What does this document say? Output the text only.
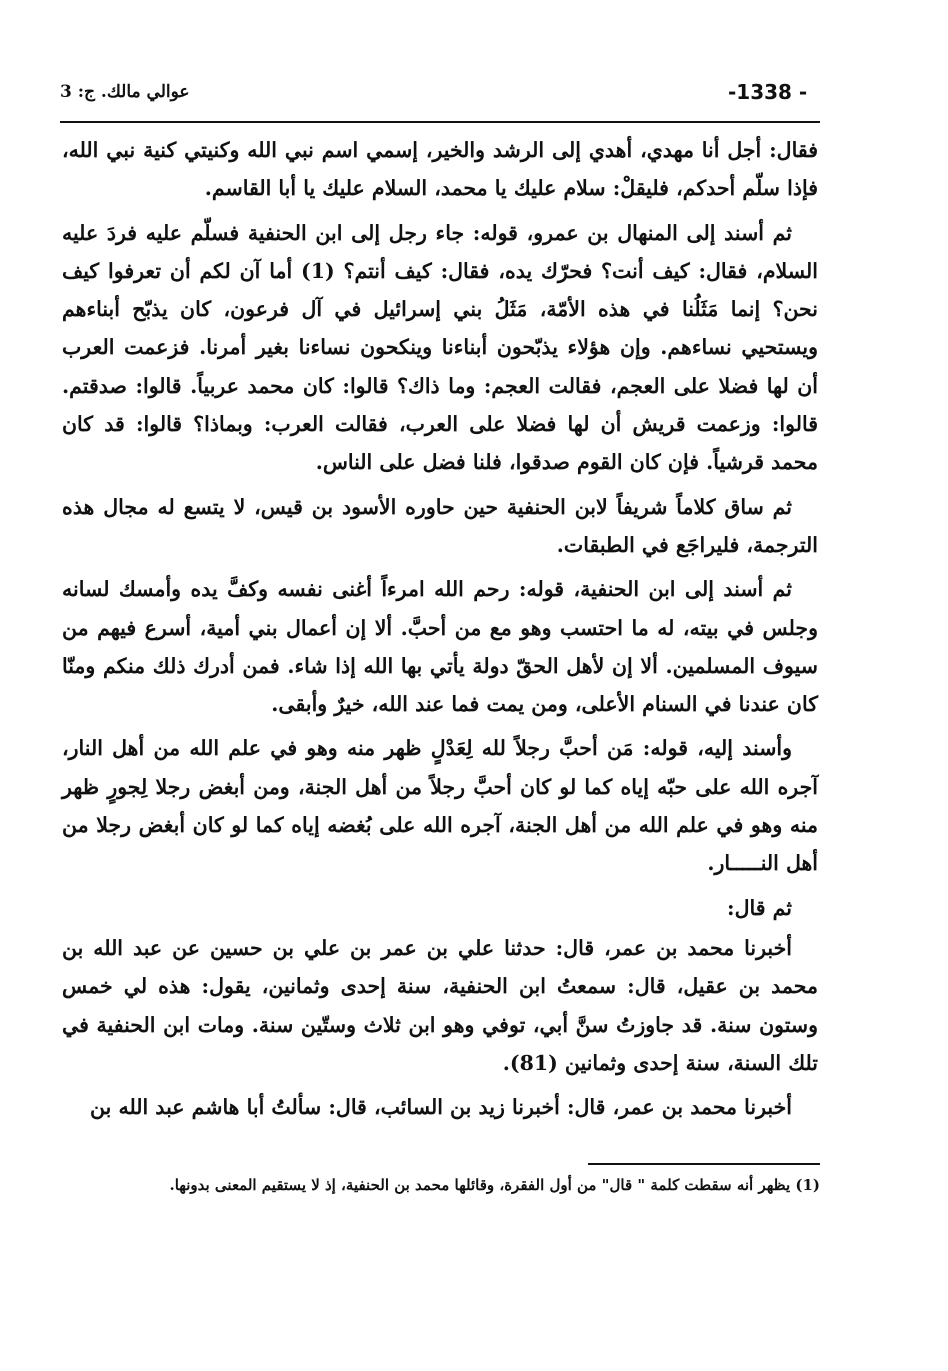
-1338 -
عوالي مالك. ج: 3

فقال: أجل أنا مهدي، أهدي إلى الرشد والخير، إسمي اسم نبي الله وكنيتي كنية نبي الله، فإذا سلّم أحدكم، فليقلْ: سلام عليك يا محمد، السلام عليك يا أبا القاسم.

ثم أسند إلى المنهال بن عمرو، قوله: جاء رجل إلى ابن الحنفية فسلّم عليه فردَ عليه السلام، فقال: كيف أنت؟ فحرّك يده، فقال: كيف أنتم؟ (1) أما آن لكم أن تعرفوا كيف نحن؟ إنما مَثَلُنا في هذه الأمّة، مَثَلُ بني إسرائيل في آل فرعون، كان يذبّح أبناءهم ويستحيي نساءهم. وإن هؤلاء يذبّحون أبناءنا وينكحون نساءنا بغير أمرنا. فزعمت العرب أن لها فضلا على العجم، فقالت العجم: وما ذاك؟ قالوا: كان محمد عربياً. قالوا: صدقتم. قالوا: وزعمت قريش أن لها فضلا على العرب، فقالت العرب: وبماذا؟ قالوا: قد كان محمد قرشياً. فإن كان القوم صدقوا، فلنا فضل على الناس.

ثم ساق كلاماً شريفاً لابن الحنفية حين حاوره الأسود بن قيس، لا يتسع له مجال هذه الترجمة، فليراجَع في الطبقات.

ثم أسند إلى ابن الحنفية، قوله: رحم الله امرءاً أغنى نفسه وكفَّ يده وأمسك لسانه وجلس في بيته، له ما احتسب وهو مع من أحبَّ. ألا إن أعمال بني أمية، أسرع فيهم من سيوف المسلمين. ألا إن لأهل الحقّ دولة يأتي بها الله إذا شاء. فمن أدرك ذلك منكم ومنّا كان عندنا في السنام الأعلى، ومن يمت فما عند الله، خيرٌ وأبقى.

وأسند إليه، قوله: مَن أحبَّ رجلاً لله لِعَدْلٍ ظهر منه وهو في علم الله من أهل النار، آجره الله على حبّه إياه كما لو كان أحبَّ رجلاً من أهل الجنة، ومن أبغض رجلا لِجورٍ ظهر منه وهو في علم الله من أهل الجنة، آجره الله على بُغضه إياه كما لو كان أبغض رجلا من أهل النـــــار.

ثم قال:

أخبرنا محمد بن عمر، قال: حدثنا علي بن عمر بن علي بن حسين عن عبد الله بن محمد بن عقيل، قال: سمعتُ ابن الحنفية، سنة إحدى وثمانين، يقول: هذه لي خمس وستون سنة. قد جاوزتُ سنَّ أبي، توفي وهو ابن ثلاث وستّين سنة. ومات ابن الحنفية في تلك السنة، سنة إحدى وثمانين (81).

أخبرنا محمد بن عمر، قال: أخبرنا زيد بن السائب، قال: سألتُ أبا هاشم عبد الله بن

(1) يظهر أنه سقطت كلمة " قال" من أول الفقرة، وقائلها محمد بن الحنفية، إذ لا يستقيم المعنى بدونها.
